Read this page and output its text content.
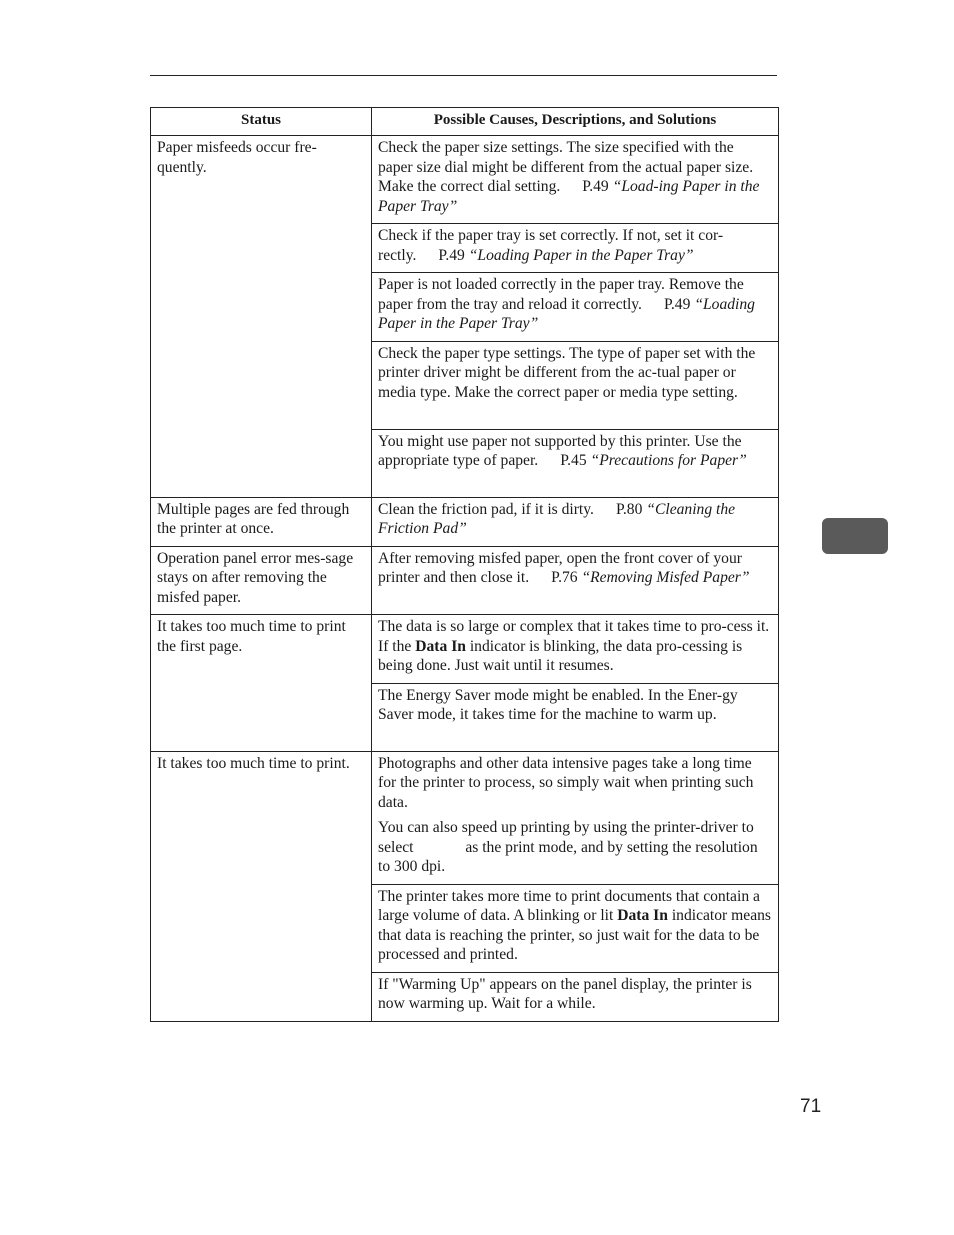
Status	Possible Causes, Descriptions, and Solutions
Paper misfeeds occur fre-quently.	Check the paper size settings. The size specified with the paper size dial might be different from the actual paper size. Make the correct dial setting. P.49 “Load-ing Paper in the Paper Tray”
	Check if the paper tray is set correctly. If not, set it cor-rectly. P.49 “Loading Paper in the Paper Tray”
	Paper is not loaded correctly in the paper tray. Remove the paper from the tray and reload it correctly. P.49 “Loading Paper in the Paper Tray”
	Check the paper type settings. The type of paper set with the printer driver might be different from the ac-tual paper or media type. Make the correct paper or media type setting.
	You might use paper not supported by this printer. Use the appropriate type of paper. P.45 “Precautions for Paper”
Multiple pages are fed through the printer at once.	Clean the friction pad, if it is dirty. P.80 “Cleaning the Friction Pad”
Operation panel error mes-sage stays on after removing the misfed paper.	After removing misfed paper, open the front cover of your printer and then close it. P.76 “Removing Misfed Paper”
It takes too much time to print the first page.	The data is so large or complex that it takes time to pro-cess it. If the Data In indicator is blinking, the data pro-cessing is being done. Just wait until it resumes.
	The Energy Saver mode might be enabled. In the Ener-gy Saver mode, it takes time for the machine to warm up.
It takes too much time to print.	Photographs and other data intensive pages take a long time for the printer to process, so simply wait when printing such data.

You can also speed up printing by using the printer-driver to select as the print mode, and by setting the resolution to 300 dpi.

	The printer takes more time to print documents that contain a large volume of data. A blinking or lit Data In indicator means that data is reaching the printer, so just wait for the data to be processed and printed.
	If "Warming Up" appears on the panel display, the printer is now warming up. Wait for a while.
71
